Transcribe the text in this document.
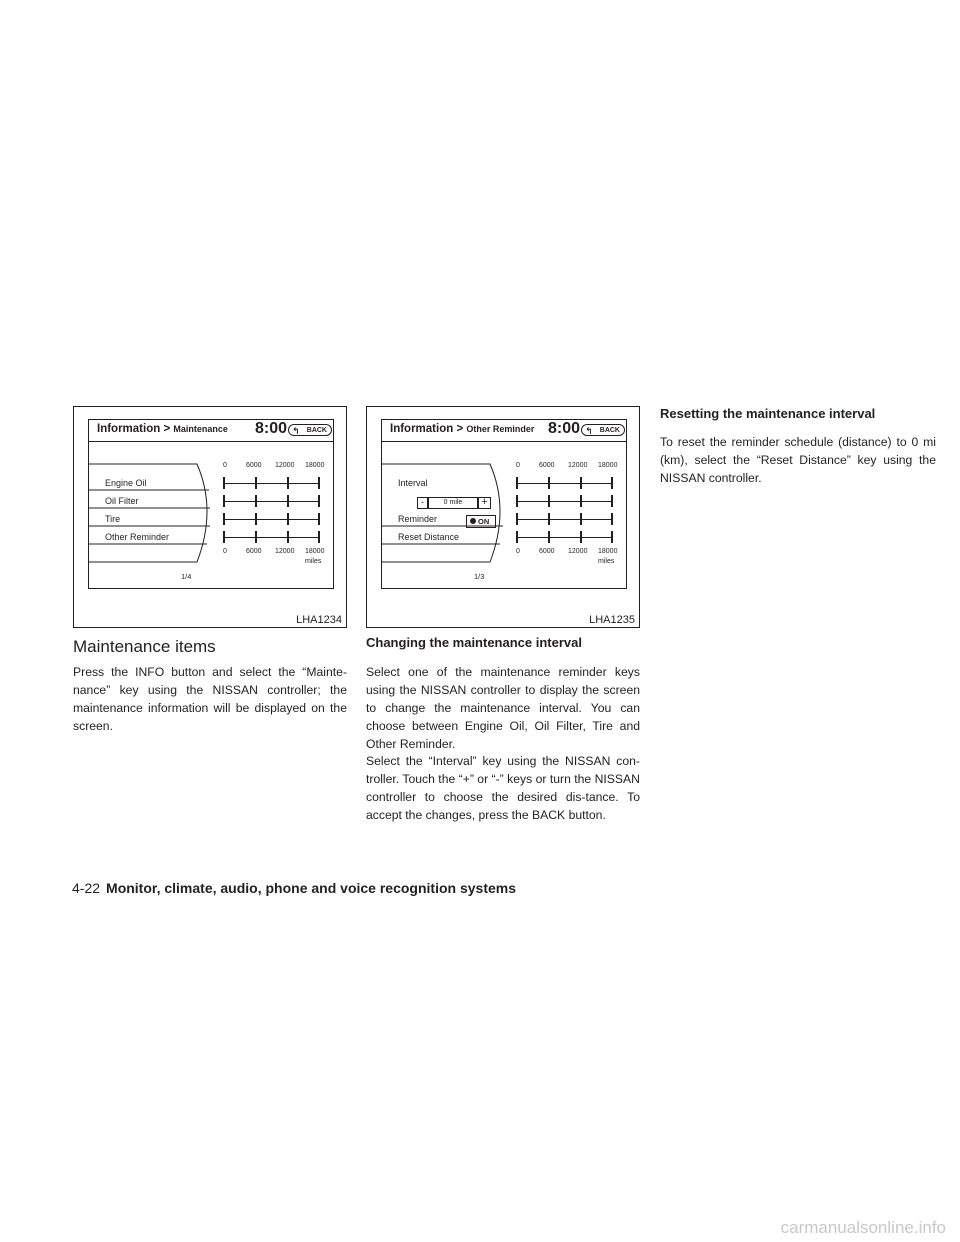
Information > Maintenance 8:00 ↰ BACK
Engine Oil
Oil Filter
Tire
Other Reminder
0	6000 12000 18000
0	6000 12000 18000
miles
1/4
LHA1234
Information > Other Reminder 8:00 ↰ BACK
Interval
-	0 mile	+
Reminder	ON
Reset Distance
0	6000 12000 18000
0	6000 12000 18000
miles
1/3
LHA1235
Maintenance items

Press the INFO button and select the “Mainte-nance” key using the NISSAN controller; the maintenance information will be displayed on the screen.

Changing the maintenance interval

Select one of the maintenance reminder keys using the NISSAN controller to display the screen to change the maintenance interval. You can choose between Engine Oil, Oil Filter, Tire and Other Reminder.

Select the “Interval” key using the NISSAN con-troller. Touch the “+” or “-” keys or turn the NISSAN controller to choose the desired dis-tance. To accept the changes, press the BACK button.

Resetting the maintenance interval

To reset the reminder schedule (distance) to 0 mi (km), select the “Reset Distance” key using the NISSAN controller.

4-22 Monitor, climate, audio, phone and voice recognition systems
carmanualsonline.info
